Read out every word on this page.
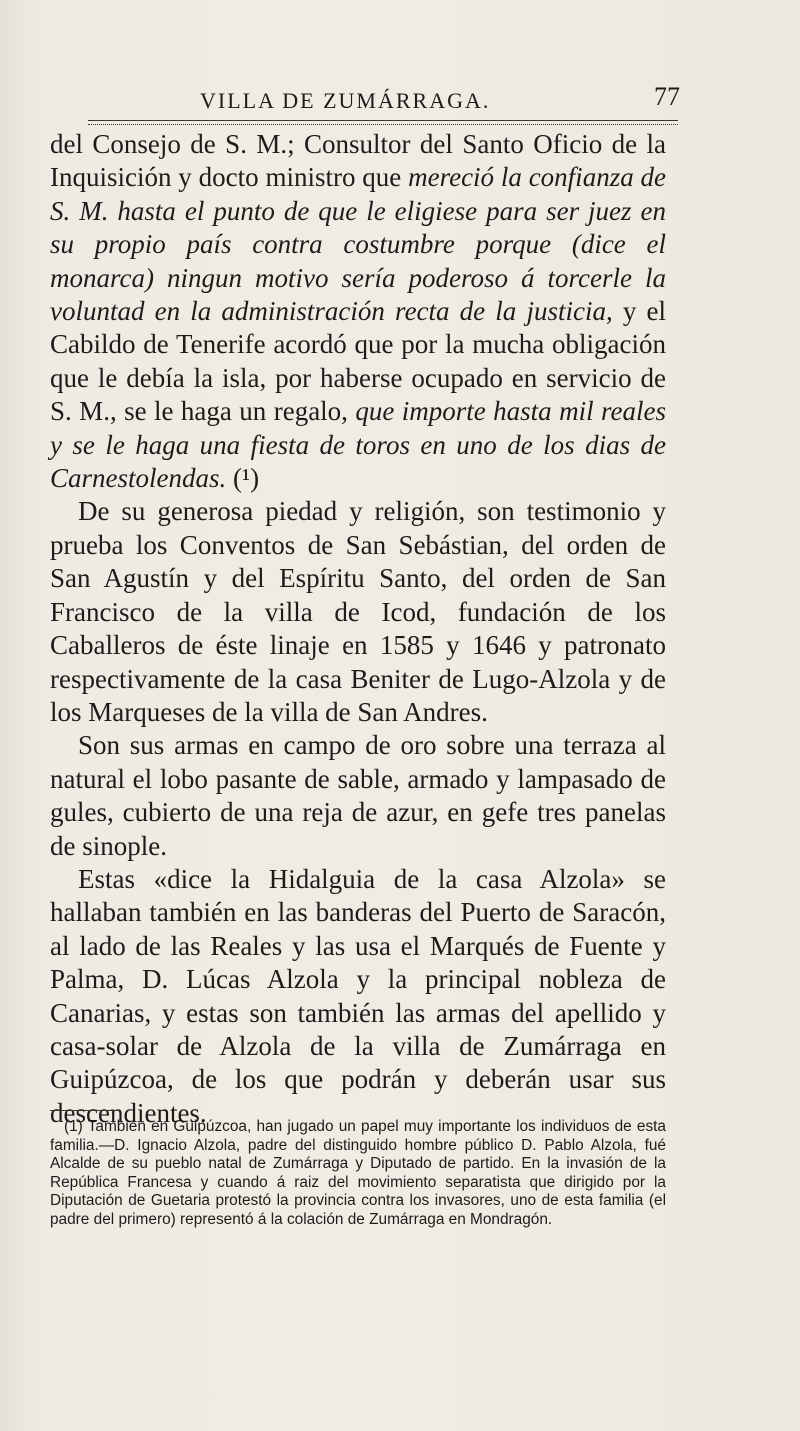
VILLA DE ZUMÁRRAGA.	77

del Consejo de S. M.; Consultor del Santo Oficio de la Inquisición y docto ministro que mereció la confianza de S. M. hasta el punto de que le eligiese para ser juez en su propio país contra costumbre porque (dice el monarca) ningun motivo sería poderoso á torcerle la voluntad en la administración recta de la justicia, y el Cabildo de Tenerife acordó que por la mucha obligación que le debía la isla, por haberse ocupado en servicio de S. M., se le haga un regalo, que importe hasta mil reales y se le haga una fiesta de toros en uno de los dias de Carnestolendas. (¹)

De su generosa piedad y religión, son testimonio y prueba los Conventos de San Sebástian, del orden de San Agustín y del Espíritu Santo, del orden de San Francisco de la villa de Icod, fundación de los Caballeros de éste linaje en 1585 y 1646 y patronato respectivamente de la casa Beniter de Lugo-Alzola y de los Marqueses de la villa de San Andres.

Son sus armas en campo de oro sobre una terraza al natural el lobo pasante de sable, armado y lampasado de gules, cubierto de una reja de azur, en gefe tres panelas de sinople.

Estas «dice la Hidalguia de la casa Alzola» se hallaban también en las banderas del Puerto de Saracón, al lado de las Reales y las usa el Marqués de Fuente y Palma, D. Lúcas Alzola y la principal nobleza de Canarias, y estas son también las armas del apellido y casa-solar de Alzola de la villa de Zumárraga en Guipúzcoa, de los que podrán y deberán usar sus descendientes.

(1) También en Guipúzcoa, han jugado un papel muy importante los individuos de esta familia.—D. Ignacio Alzola, padre del distinguido hombre público D. Pablo Alzola, fué Alcalde de su pueblo natal de Zumárraga y Diputado de partido. En la invasión de la República Francesa y cuando á raiz del movimiento separatista que dirigido por la Diputación de Guetaria protestó la provincia contra los invasores, uno de esta familia (el padre del primero) representó á la colación de Zumárraga en Mondragón.
